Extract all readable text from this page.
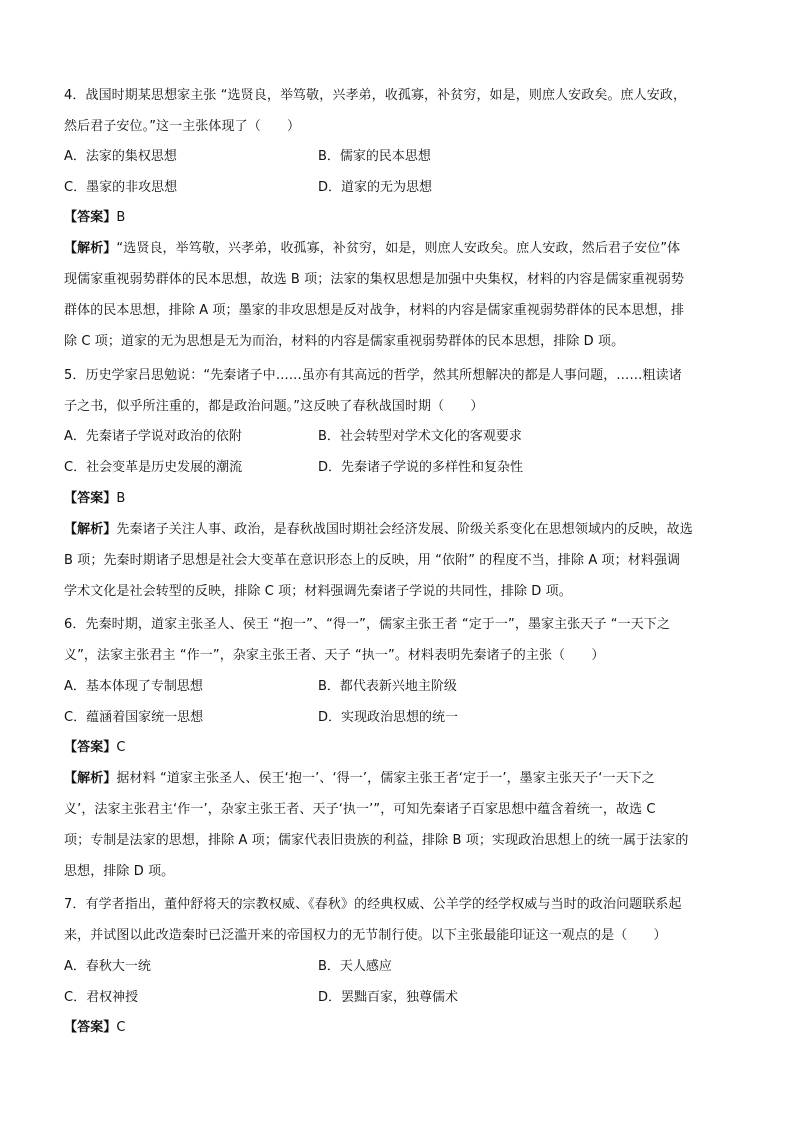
4．战国时期某思想家主张 “选贤良，举笃敬，兴孝弟，收孤寡，补贫穷，如是，则庶人安政矣。庶人安政，
然后君子安位。”这一主张体现了（　　）
A．法家的集权思想	B．儒家的民本思想
C．墨家的非攻思想	D．道家的无为思想
【答案】B
【解析】“选贤良，举笃敬，兴孝弟，收孤寡，补贫穷，如是，则庶人安政矣。庶人安政，然后君子安位”体
现儒家重视弱势群体的民本思想，故选 B 项；法家的集权思想是加强中央集权，材料的内容是儒家重视弱势
群体的民本思想，排除 A 项；墨家的非攻思想是反对战争，材料的内容是儒家重视弱势群体的民本思想，排
除 C 项；道家的无为思想是无为而治，材料的内容是儒家重视弱势群体的民本思想，排除 D 项。
5．历史学家吕思勉说：“先秦诸子中……虽亦有其高远的哲学，然其所想解决的都是人事问题，……粗读诸
子之书，似乎所注重的，都是政治问题。”这反映了春秋战国时期（　　）
A．先秦诸子学说对政治的依附	B．社会转型对学术文化的客观要求
C．社会变革是历史发展的潮流	D．先秦诸子学说的多样性和复杂性
【答案】B
【解析】先秦诸子关注人事、政治，是春秋战国时期社会经济发展、阶级关系变化在思想领域内的反映，故选
B 项；先秦时期诸子思想是社会大变革在意识形态上的反映，用 “依附” 的程度不当，排除 A 项；材料强调
学术文化是社会转型的反映，排除 C 项；材料强调先秦诸子学说的共同性，排除 D 项。
6．先秦时期，道家主张圣人、侯王 “抱一”、“得一”，儒家主张王者 “定于一”，墨家主张天子 “一天下之
义”，法家主张君主 “作一”，杂家主张王者、天子 “执一”。材料表明先秦诸子的主张（　　）
A．基本体现了专制思想	B．都代表新兴地主阶级
C．蕴涵着国家统一思想	D．实现政治思想的统一
【答案】C
【解析】据材料 “道家主张圣人、侯王‘抱一’、‘得一’，儒家主张王者‘定于一’，墨家主张天子‘一天下之
义’，法家主张君主‘作一’，杂家主张王者、天子‘执一’”，可知先秦诸子百家思想中蕴含着统一，故选 C
项；专制是法家的思想，排除 A 项；儒家代表旧贵族的利益，排除 B 项；实现政治思想上的统一属于法家的
思想，排除 D 项。
7．有学者指出，董仲舒将天的宗教权威、《春秋》的经典权威、公羊学的经学权威与当时的政治问题联系起
来，并试图以此改造秦时已泛滥开来的帝国权力的无节制行使。以下主张最能印证这一观点的是（　　）
A．春秋大一统	B．天人感应
C．君权神授	D．罢黜百家，独尊儒术
【答案】C
